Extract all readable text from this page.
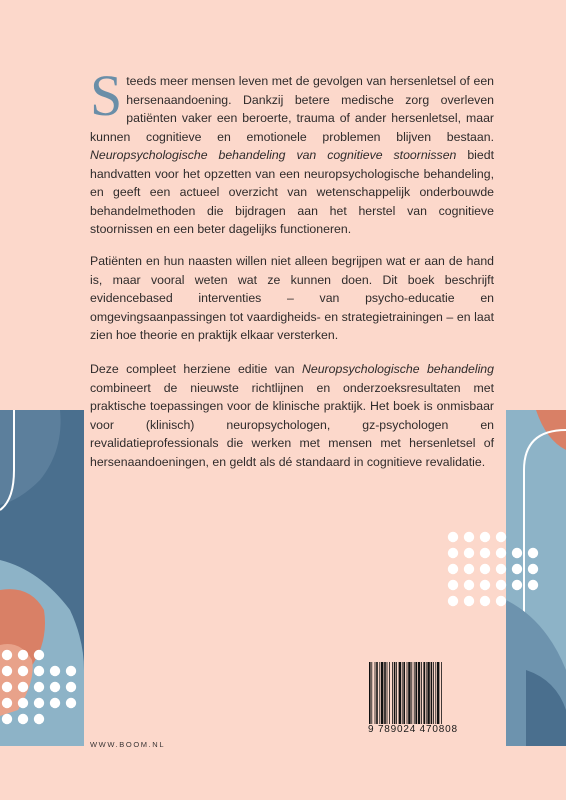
Steeds meer mensen leven met de gevolgen van hersenletsel of een hersenaandoening. Dankzij betere medische zorg overleven patiënten vaker een beroerte, trauma of ander hersenletsel, maar kunnen cognitieve en emotionele problemen blijven bestaan. Neuropsychologische behandeling van cognitieve stoornissen biedt handvatten voor het opzetten van een neuropsychologische behandeling, en geeft een actueel overzicht van wetenschappelijk onderbouwde behandelmethoden die bijdragen aan het herstel van cognitieve stoornissen en een beter dagelijks functioneren.

Patiënten en hun naasten willen niet alleen begrijpen wat er aan de hand is, maar vooral weten wat ze kunnen doen. Dit boek beschrijft evidencebased interventies – van psycho-educatie en omgevingsaanpassingen tot vaardigheids- en strategietrainingen – en laat zien hoe theorie en praktijk elkaar versterken.

Deze compleet herziene editie van Neuropsychologische behandeling combineert de nieuwste richtlijnen en onderzoeksresultaten met praktische toepassingen voor de klinische praktijk. Het boek is onmisbaar voor (klinisch) neuropsychologen, gz-psychologen en revalidatieprofessionals die werken met mensen met hersenletsel of hersenaandoeningen, en geldt als dé standaard in cognitieve revalidatie.

WWW.BOOM.NL
9 789024 470808
